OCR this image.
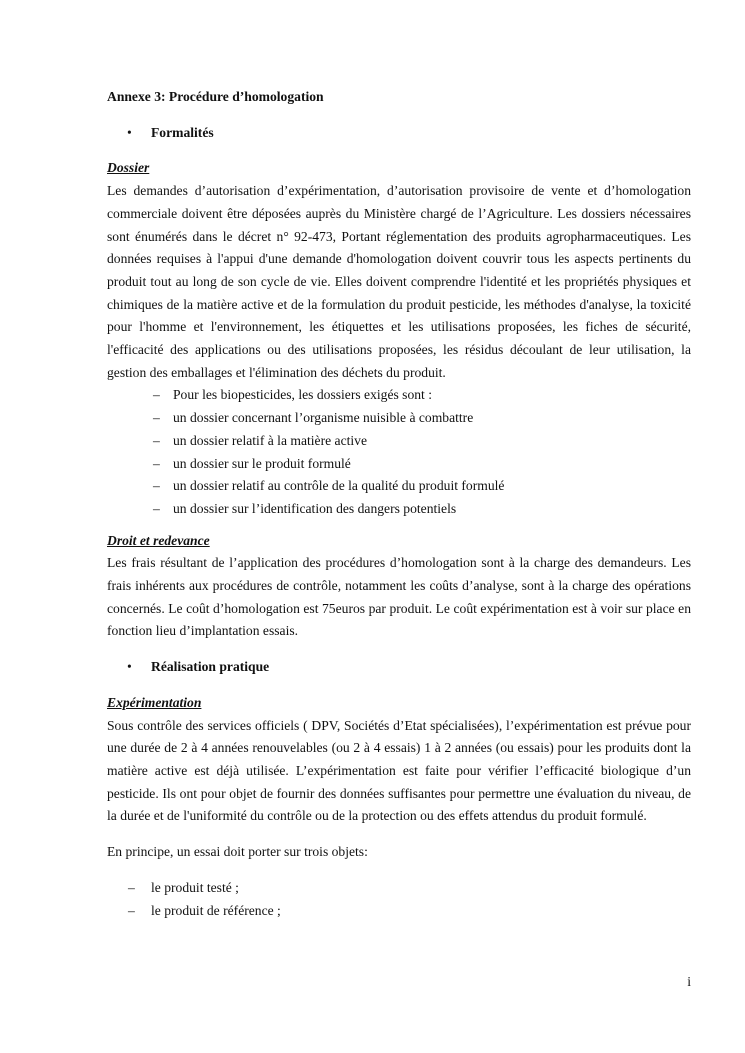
Annexe 3: Procédure d’homologation
•	Formalités
Dossier

Les demandes d’autorisation d’expérimentation, d’autorisation provisoire de vente et d’homologation commerciale doivent être déposées auprès du Ministère chargé de l’Agriculture. Les dossiers nécessaires sont énumérés dans le décret n° 92-473, Portant réglementation des produits agropharmaceutiques. Les données requises à l'appui d'une demande d'homologation doivent couvrir tous les aspects pertinents du produit tout au long de son cycle de vie. Elles doivent comprendre l'identité et les propriétés physiques et chimiques de la matière active et de la formulation du produit pesticide, les méthodes d'analyse, la toxicité pour l'homme et l'environnement, les étiquettes et les utilisations proposées, les fiches de sécurité, l'efficacité des applications ou des utilisations proposées, les résidus découlant de leur utilisation, la gestion des emballages et l'élimination des déchets du produit.

– Pour les biopesticides, les dossiers exigés sont :
– un dossier concernant l’organisme nuisible à combattre
– un dossier relatif à la matière active
– un dossier sur le produit formulé
– un dossier relatif au contrôle de la qualité du produit formulé
– un dossier sur l’identification des dangers potentiels
Droit et redevance

Les frais résultant de l’application des procédures d’homologation sont à la charge des demandeurs. Les frais inhérents aux procédures de contrôle, notamment les coûts d’analyse, sont à la charge des opérations concernés. Le coût d’homologation est 75euros par produit. Le coût expérimentation est à voir sur place en fonction lieu d’implantation essais.

•	Réalisation pratique
Expérimentation

Sous contrôle des services officiels ( DPV, Sociétés d’Etat spécialisées), l’expérimentation est prévue pour une durée de 2 à 4 années renouvelables (ou 2 à 4 essais) 1 à 2 années (ou essais) pour les produits dont la matière active est déjà utilisée. L’expérimentation est faite pour vérifier l’efficacité biologique d’un pesticide. Ils ont pour objet de fournir des données suffisantes pour permettre une évaluation du niveau, de la durée et de l'uniformité du contrôle ou de la protection ou des effets attendus du produit formulé.

En principe, un essai doit porter sur trois objets:

–	le produit testé ;
–	le produit de référence ;
i
